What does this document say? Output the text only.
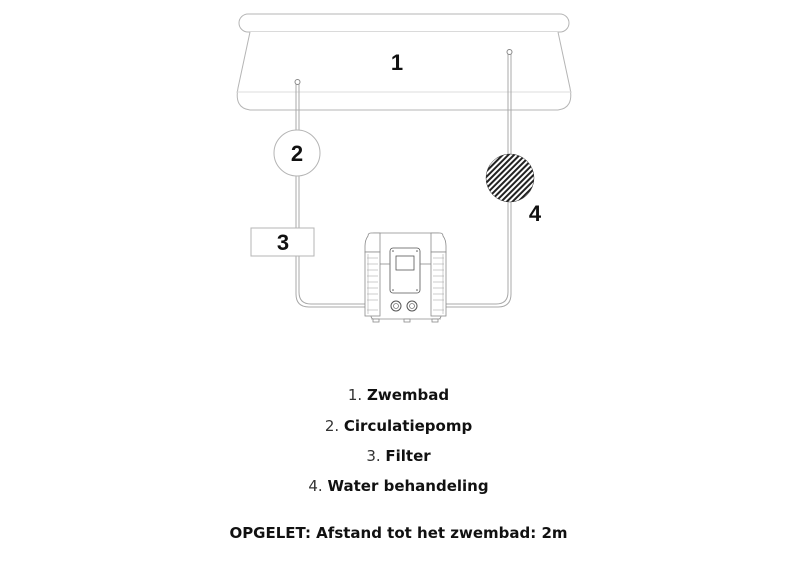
2
3
4
1
1. Zwembad
2. Circulatiepomp
3. Filter
4. Water behandeling
OPGELET: Afstand tot het zwembad: 2m
